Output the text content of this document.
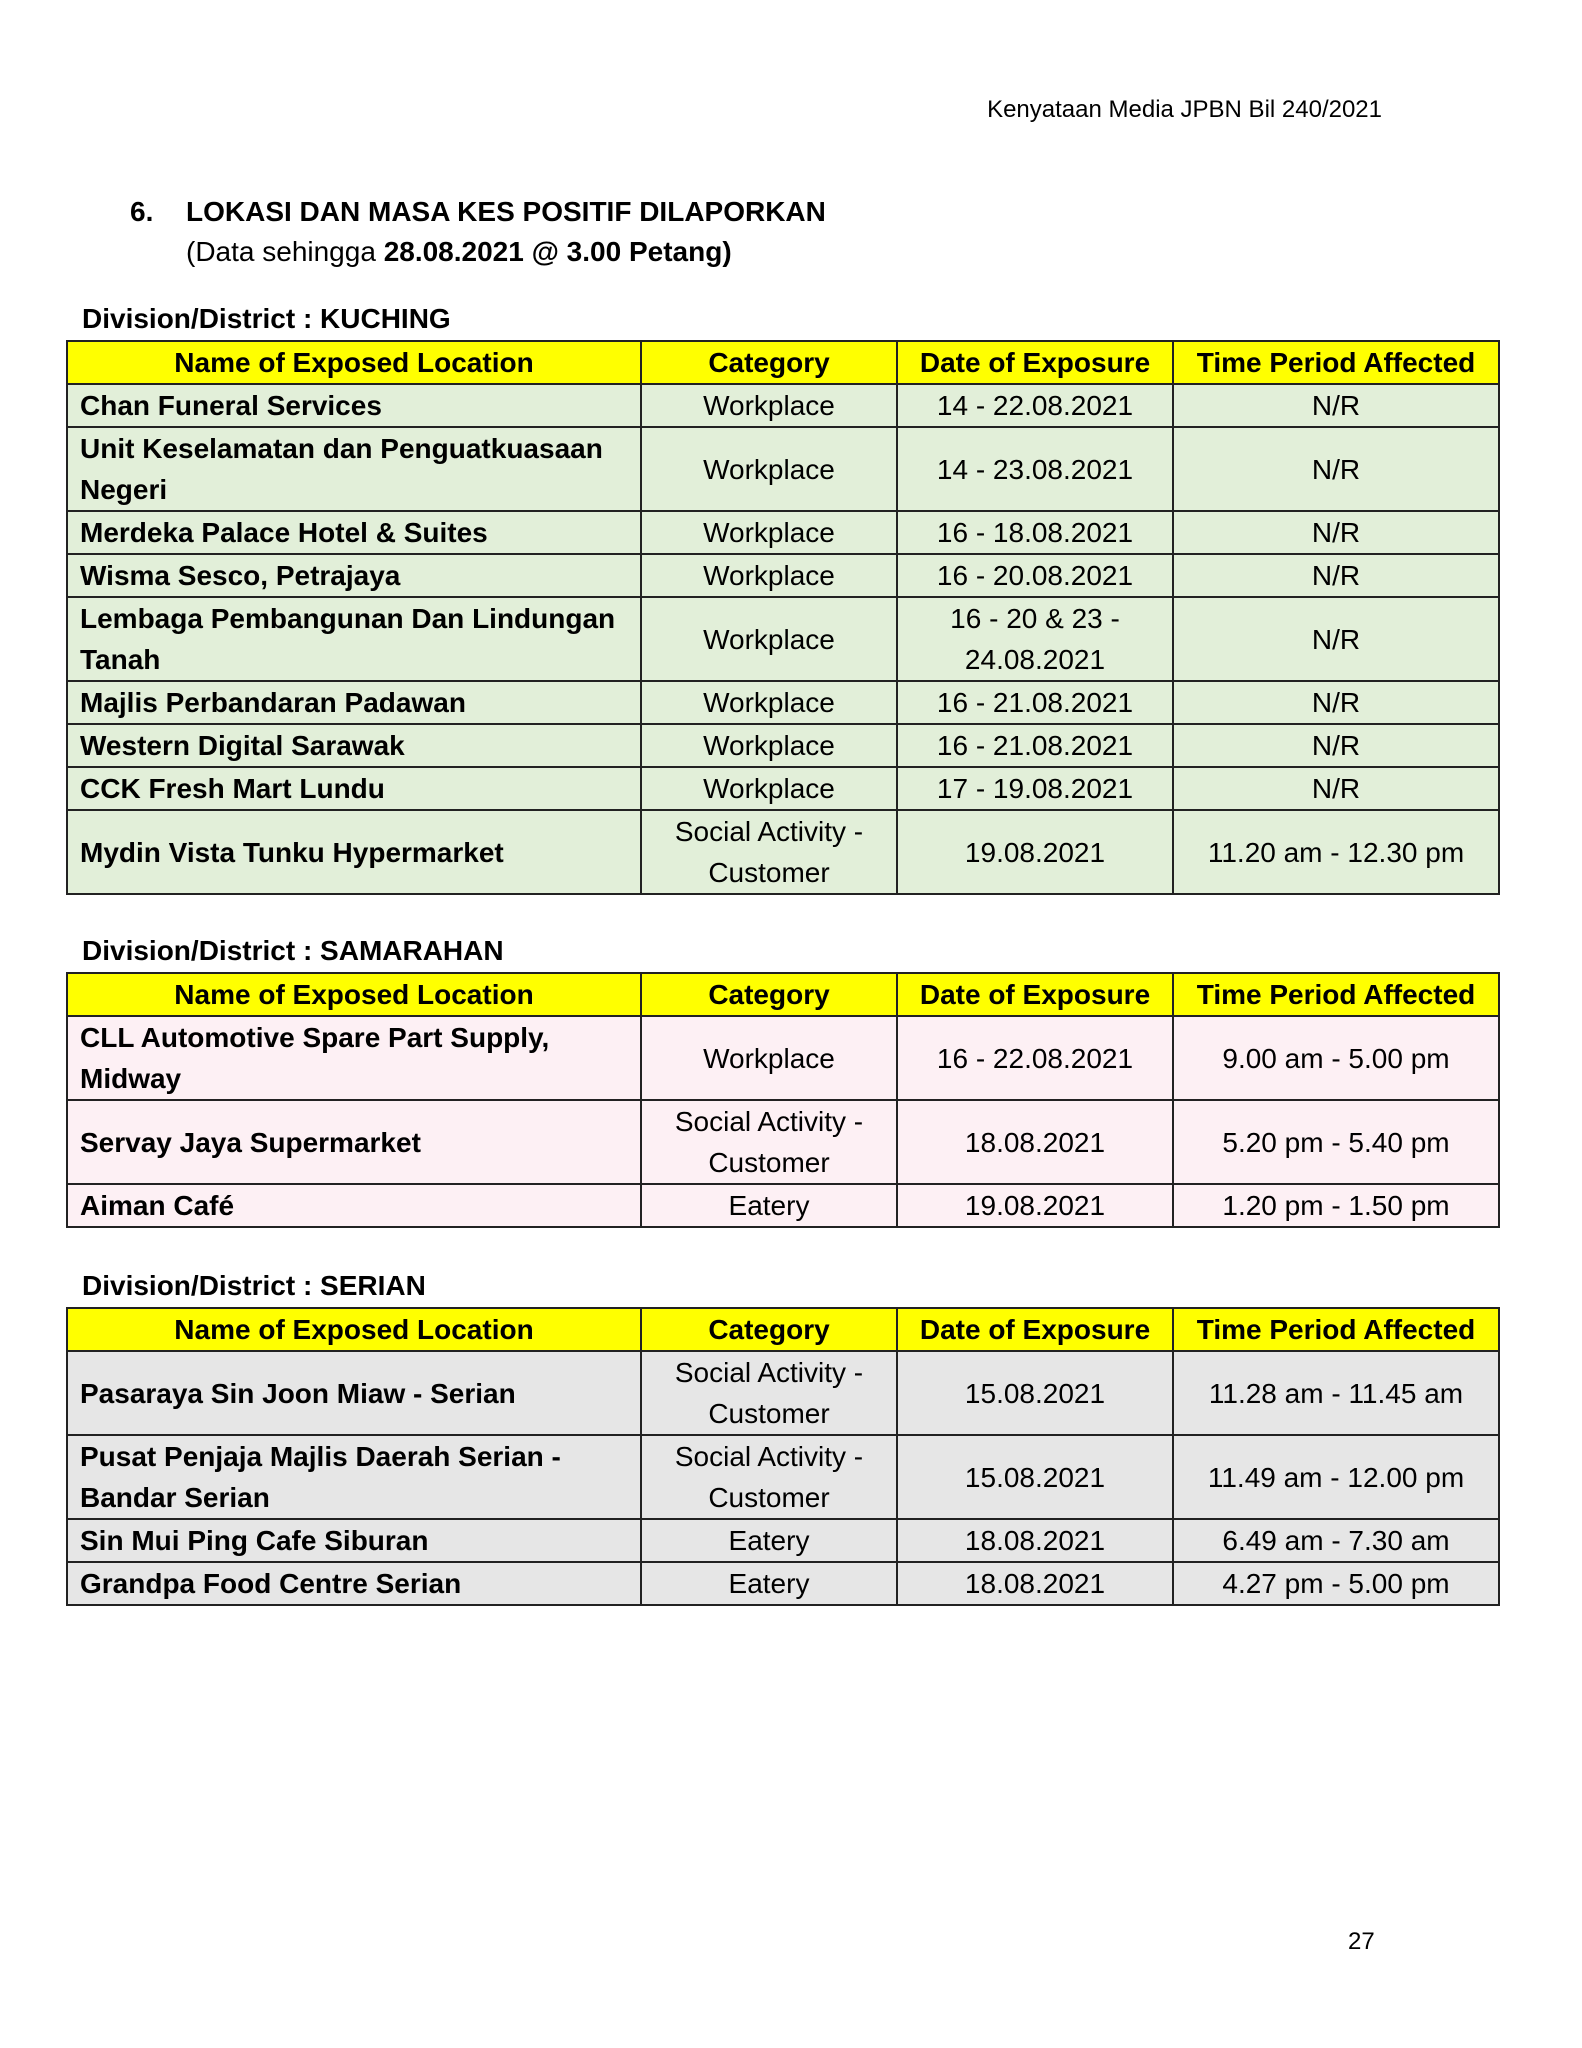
Kenyataan Media JPBN Bil 240/2021
6. LOKASI DAN MASA KES POSITIF DILAPORKAN
(Data sehingga 28.08.2021 @ 3.00 Petang)
Division/District : KUCHING
Name of Exposed Location	Category	Date of Exposure	Time Period Affected
Chan Funeral Services	Workplace	14 - 22.08.2021	N/R
Unit Keselamatan dan Penguatkuasaan Negeri	Workplace	14 - 23.08.2021	N/R
Merdeka Palace Hotel & Suites	Workplace	16 - 18.08.2021	N/R
Wisma Sesco, Petrajaya	Workplace	16 - 20.08.2021	N/R
Lembaga Pembangunan Dan Lindungan Tanah	Workplace	16 - 20 & 23 - 24.08.2021	N/R
Majlis Perbandaran Padawan	Workplace	16 - 21.08.2021	N/R
Western Digital Sarawak	Workplace	16 - 21.08.2021	N/R
CCK Fresh Mart Lundu	Workplace	17 - 19.08.2021	N/R
Mydin Vista Tunku Hypermarket	Social Activity - Customer	19.08.2021	11.20 am - 12.30 pm
Division/District : SAMARAHAN
Name of Exposed Location	Category	Date of Exposure	Time Period Affected
CLL Automotive Spare Part Supply, Midway	Workplace	16 - 22.08.2021	9.00 am - 5.00 pm
Servay Jaya Supermarket	Social Activity - Customer	18.08.2021	5.20 pm - 5.40 pm
Aiman Café	Eatery	19.08.2021	1.20 pm - 1.50 pm
Division/District : SERIAN
Name of Exposed Location	Category	Date of Exposure	Time Period Affected
Pasaraya Sin Joon Miaw - Serian	Social Activity - Customer	15.08.2021	11.28 am - 11.45 am
Pusat Penjaja Majlis Daerah Serian - Bandar Serian	Social Activity - Customer	15.08.2021	11.49 am - 12.00 pm
Sin Mui Ping Cafe Siburan	Eatery	18.08.2021	6.49 am - 7.30 am
Grandpa Food Centre Serian	Eatery	18.08.2021	4.27 pm - 5.00 pm
27
